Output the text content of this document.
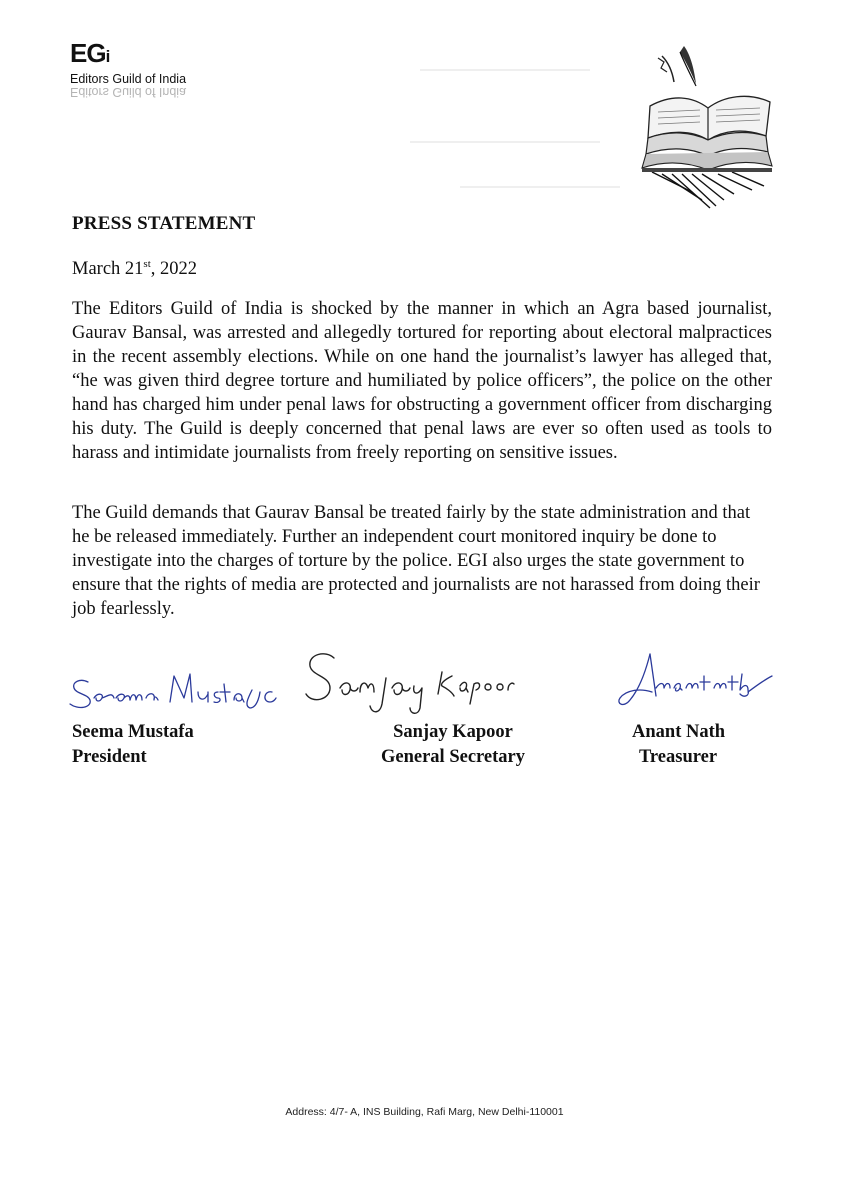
EGi
Editors Guild of India
Editors Guild of India
PRESS STATEMENT
March 21st, 2022

The Editors Guild of India is shocked by the manner in which an Agra based journalist, Gaurav Bansal, was arrested and allegedly tortured for reporting about electoral malpractices in the recent assembly elections. While on one hand the journalist’s lawyer has alleged that, “he was given third degree torture and humiliated by police officers”, the police on the other hand has charged him under penal laws for obstructing a government officer from discharging his duty. The Guild is deeply concerned that penal laws are ever so often used as tools to harass and intimidate journalists from freely reporting on sensitive issues.

The Guild demands that Gaurav Bansal be treated fairly by the state administration and that he be released immediately. Further an independent court monitored inquiry be done to investigate into the charges of torture by the police. EGI also urges the state government to ensure that the rights of media are protected and journalists are not harassed from doing their job fearlessly.

Seema Mustafa
President
Sanjay Kapoor
General Secretary
Anant Nath
Treasurer
Address: 4/7- A, INS Building, Rafi Marg, New Delhi-110001
